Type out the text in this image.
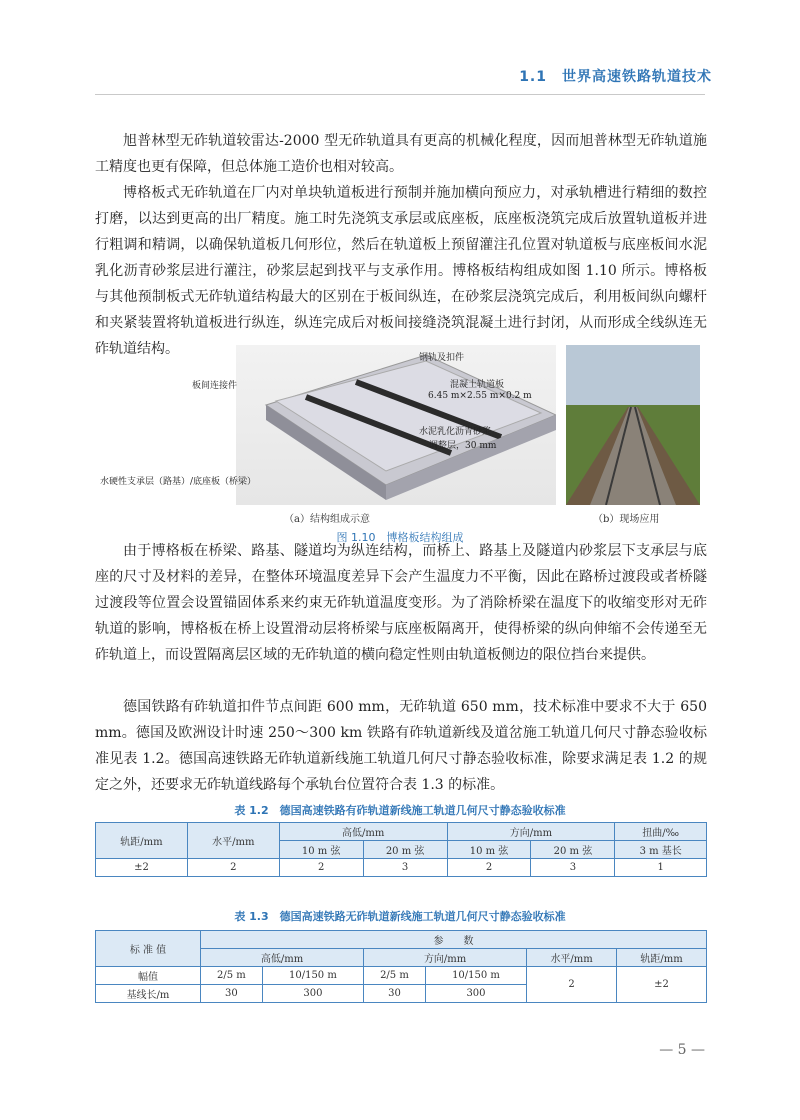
1.1　世界高速铁路轨道技术

旭普林型无砟轨道较雷达-2000 型无砟轨道具有更高的机械化程度，因而旭普林型无砟轨道施工精度也更有保障，但总体施工造价也相对较高。

博格板式无砟轨道在厂内对单块轨道板进行预制并施加横向预应力，对承轨槽进行精细的数控打磨，以达到更高的出厂精度。施工时先浇筑支承层或底座板，底座板浇筑完成后放置轨道板并进行粗调和精调，以确保轨道板几何形位，然后在轨道板上预留灌注孔位置对轨道板与底座板间水泥乳化沥青砂浆层进行灌注，砂浆层起到找平与支承作用。博格板结构组成如图 1.10 所示。博格板与其他预制板式无砟轨道结构最大的区别在于板间纵连，在砂浆层浇筑完成后，利用板间纵向螺杆和夹紧装置将轨道板进行纵连，纵连完成后对板间接缝浇筑混凝土进行封闭，从而形成全线纵连无砟轨道结构。

板间连接件
钢轨及扣件
混凝土轨道板
6.45 m×2.55 m×0.2 m
水泥乳化沥青砂浆
调整层，30 mm
水硬性支承层（路基）/底座板（桥梁）
（a）结构组成示意	（b）现场应用
图 1.10　博格板结构组成

由于博格板在桥梁、路基、隧道均为纵连结构，而桥上、路基上及隧道内砂浆层下支承层与底座的尺寸及材料的差异，在整体环境温度差异下会产生温度力不平衡，因此在路桥过渡段或者桥隧过渡段等位置会设置锚固体系来约束无砟轨道温度变形。为了消除桥梁在温度下的收缩变形对无砟轨道的影响，博格板在桥上设置滑动层将桥梁与底座板隔离开，使得桥梁的纵向伸缩不会传递至无砟轨道上，而设置隔离层区域的无砟轨道的横向稳定性则由轨道板侧边的限位挡台来提供。

德国铁路有砟轨道扣件节点间距 600 mm，无砟轨道 650 mm，技术标准中要求不大于 650 mm。德国及欧洲设计时速 250～300 km 铁路有砟轨道新线及道岔施工轨道几何尺寸静态验收标准见表 1.2。德国高速铁路无砟轨道新线施工轨道几何尺寸静态验收标准，除要求满足表 1.2 的规定之外，还要求无砟轨道线路每个承轨台位置符合表 1.3 的标准。

表 1.2　德国高速铁路有砟轨道新线施工轨道几何尺寸静态验收标准
轨距/mm	水平/mm	高低/mm		方向/mm		扭曲/‰
		10 m 弦	20 m 弦	10 m 弦	20 m 弦	3 m 基长
±2	2	2	3	2	3	1
表 1.3　德国高速铁路无砟轨道新线施工轨道几何尺寸静态验收标准
标 准 值	参　　数					
	高低/mm		方向/mm		水平/mm	轨距/mm
幅值	2/5 m	10/150 m	2/5 m	10/150 m	2	±2
基线长/m	30	300	30	300		
— 5 —
